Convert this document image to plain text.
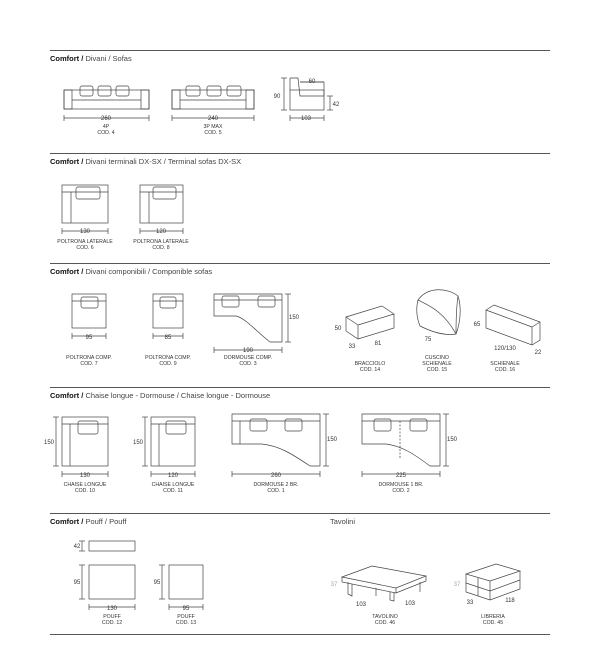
Comfort / Divani / Sofas
Comfort / Divani terminali DX-SX / Terminal sofas DX-SX
Comfort / Divani componibili / Componible sofas
Comfort / Chaise longue - Dormouse / Chaise longue - Dormouse
Comfort / Pouff / Pouff	Tavolini
260	240
60
103
90
42
130	120
95	85
190
150
50
33	81
75
65
120/130
22
130
150
120
150
260
150
225
150
42
130
95
95
95	37
103	103
37
33	118
4P
COD. 4
3P MAX
COD. 5
POLTRONA LATERALE
COD. 6
POLTRONA LATERALE
COD. 8
POLTRONA COMP.
COD. 7
POLTRONA COMP.
COD. 9
DORMOUSE COMP.
COD. 3	BRACCIOLO
COD. 14
CUSCINO
SCHIENALE
COD. 15
SCHIENALE
COD. 16
CHAISE LONGUE
COD. 10
CHAISE LONGUE
COD. 11
DORMOUSE 2 BR.
COD. 1
DORMOUSE 1 BR.
COD. 2
POUFF
COD. 12
POUFF
COD. 13
TAVOLINO
COD. 46
LIBRERIA
COD. 45
